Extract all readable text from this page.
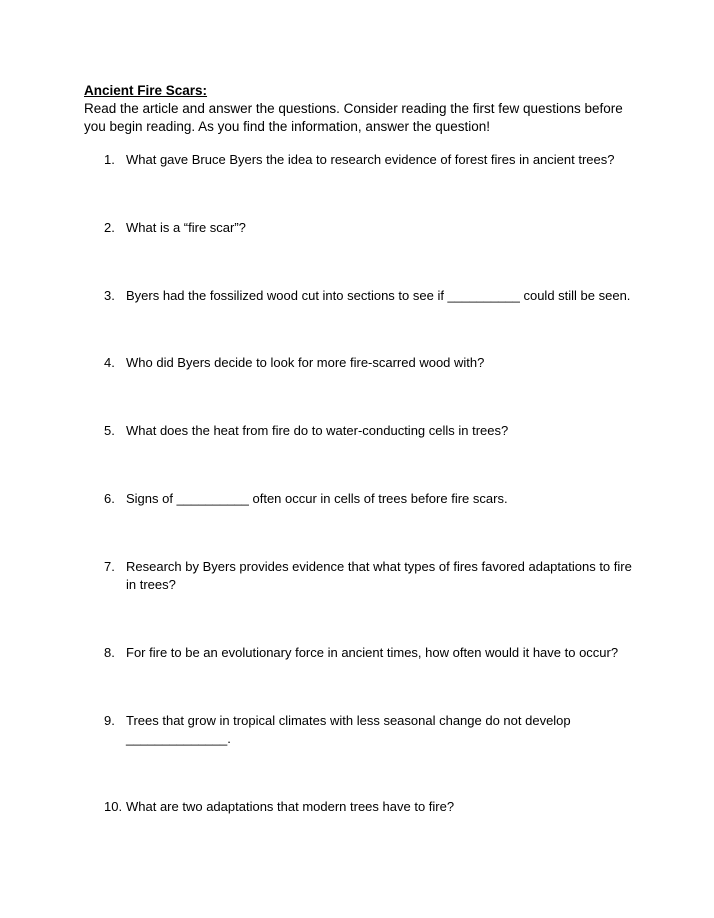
Ancient Fire Scars:
Read the article and answer the questions. Consider reading the first few questions before you begin reading. As you find the information, answer the question!
1. What gave Bruce Byers the idea to research evidence of forest fires in ancient trees?
2. What is a “fire scar”?
3. Byers had the fossilized wood cut into sections to see if __________ could still be seen.
4. Who did Byers decide to look for more fire-scarred wood with?
5. What does the heat from fire do to water-conducting cells in trees?
6. Signs of __________ often occur in cells of trees before fire scars.
7. Research by Byers provides evidence that what types of fires favored adaptations to fire in trees?
8. For fire to be an evolutionary force in ancient times, how often would it have to occur?
9. Trees that grow in tropical climates with less seasonal change do not develop ______________.
10. What are two adaptations that modern trees have to fire?
